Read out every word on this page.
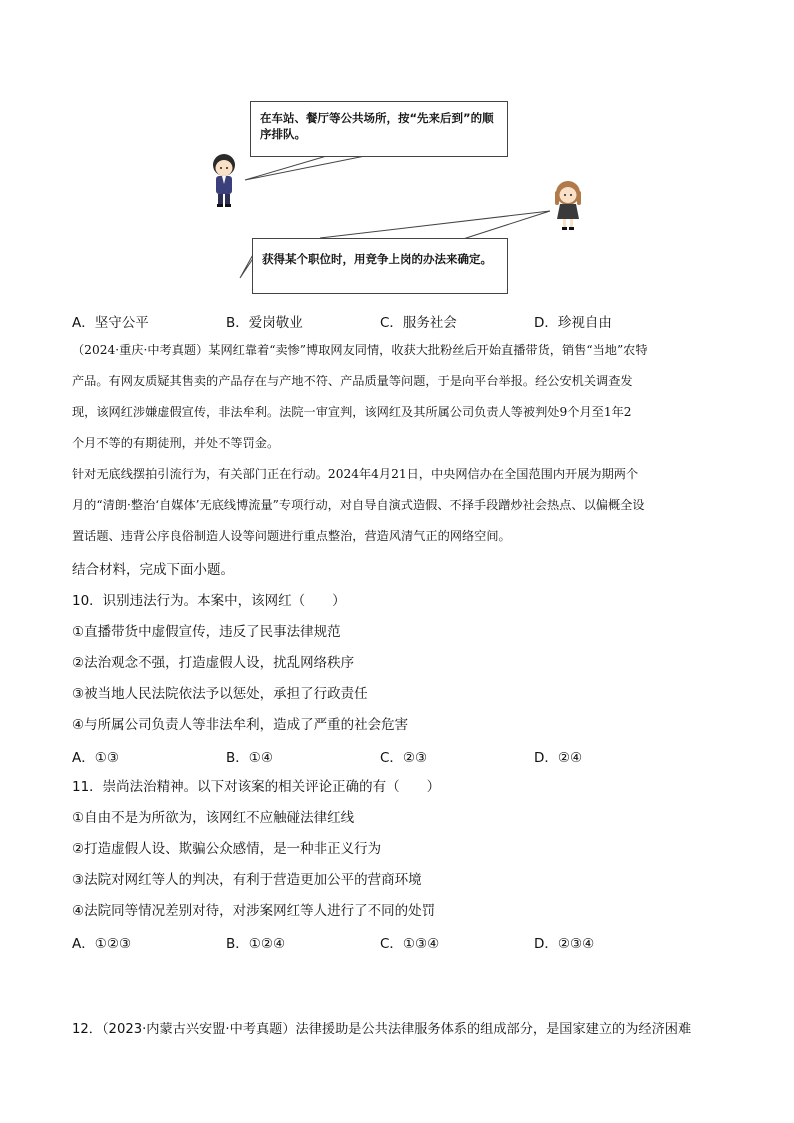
在车站、餐厅等公共场所，按“先来后到”的顺序排队。
获得某个职位时，用竞争上岗的办法来确定。
A．坚守公平	B．爱岗敬业	C．服务社会	D．珍视自由
（2024·重庆·中考真题）某网红靠着“卖惨”博取网友同情，收获大批粉丝后开始直播带货，销售“当地”农特
产品。有网友质疑其售卖的产品存在与产地不符、产品质量等问题，于是向平台举报。经公安机关调查发
现，该网红涉嫌虚假宣传，非法牟利。法院一审宣判，该网红及其所属公司负责人等被判处9个月至1年2
个月不等的有期徒刑，并处不等罚金。
针对无底线摆拍引流行为，有关部门正在行动。2024年4月21日，中央网信办在全国范围内开展为期两个
月的“清朗·整治‘自媒体’无底线博流量”专项行动，对自导自演式造假、不择手段蹭炒社会热点、以偏概全设
置话题、违背公序良俗制造人设等问题进行重点整治，营造风清气正的网络空间。
结合材料，完成下面小题。
10．识别违法行为。本案中，该网红（　　）
①直播带货中虚假宣传，违反了民事法律规范
②法治观念不强，打造虚假人设，扰乱网络秩序
③被当地人民法院依法予以惩处，承担了行政责任
④与所属公司负责人等非法牟利，造成了严重的社会危害
A．①③	B．①④	C．②③	D．②④
11．崇尚法治精神。以下对该案的相关评论正确的有（　　）
①自由不是为所欲为，该网红不应触碰法律红线
②打造虚假人设、欺骗公众感情，是一种非正义行为
③法院对网红等人的判决，有利于营造更加公平的营商环境
④法院同等情况差别对待，对涉案网红等人进行了不同的处罚
A．①②③	B．①②④	C．①③④	D．②③④
12．（2023·内蒙古兴安盟·中考真题）法律援助是公共法律服务体系的组成部分，是国家建立的为经济困难
